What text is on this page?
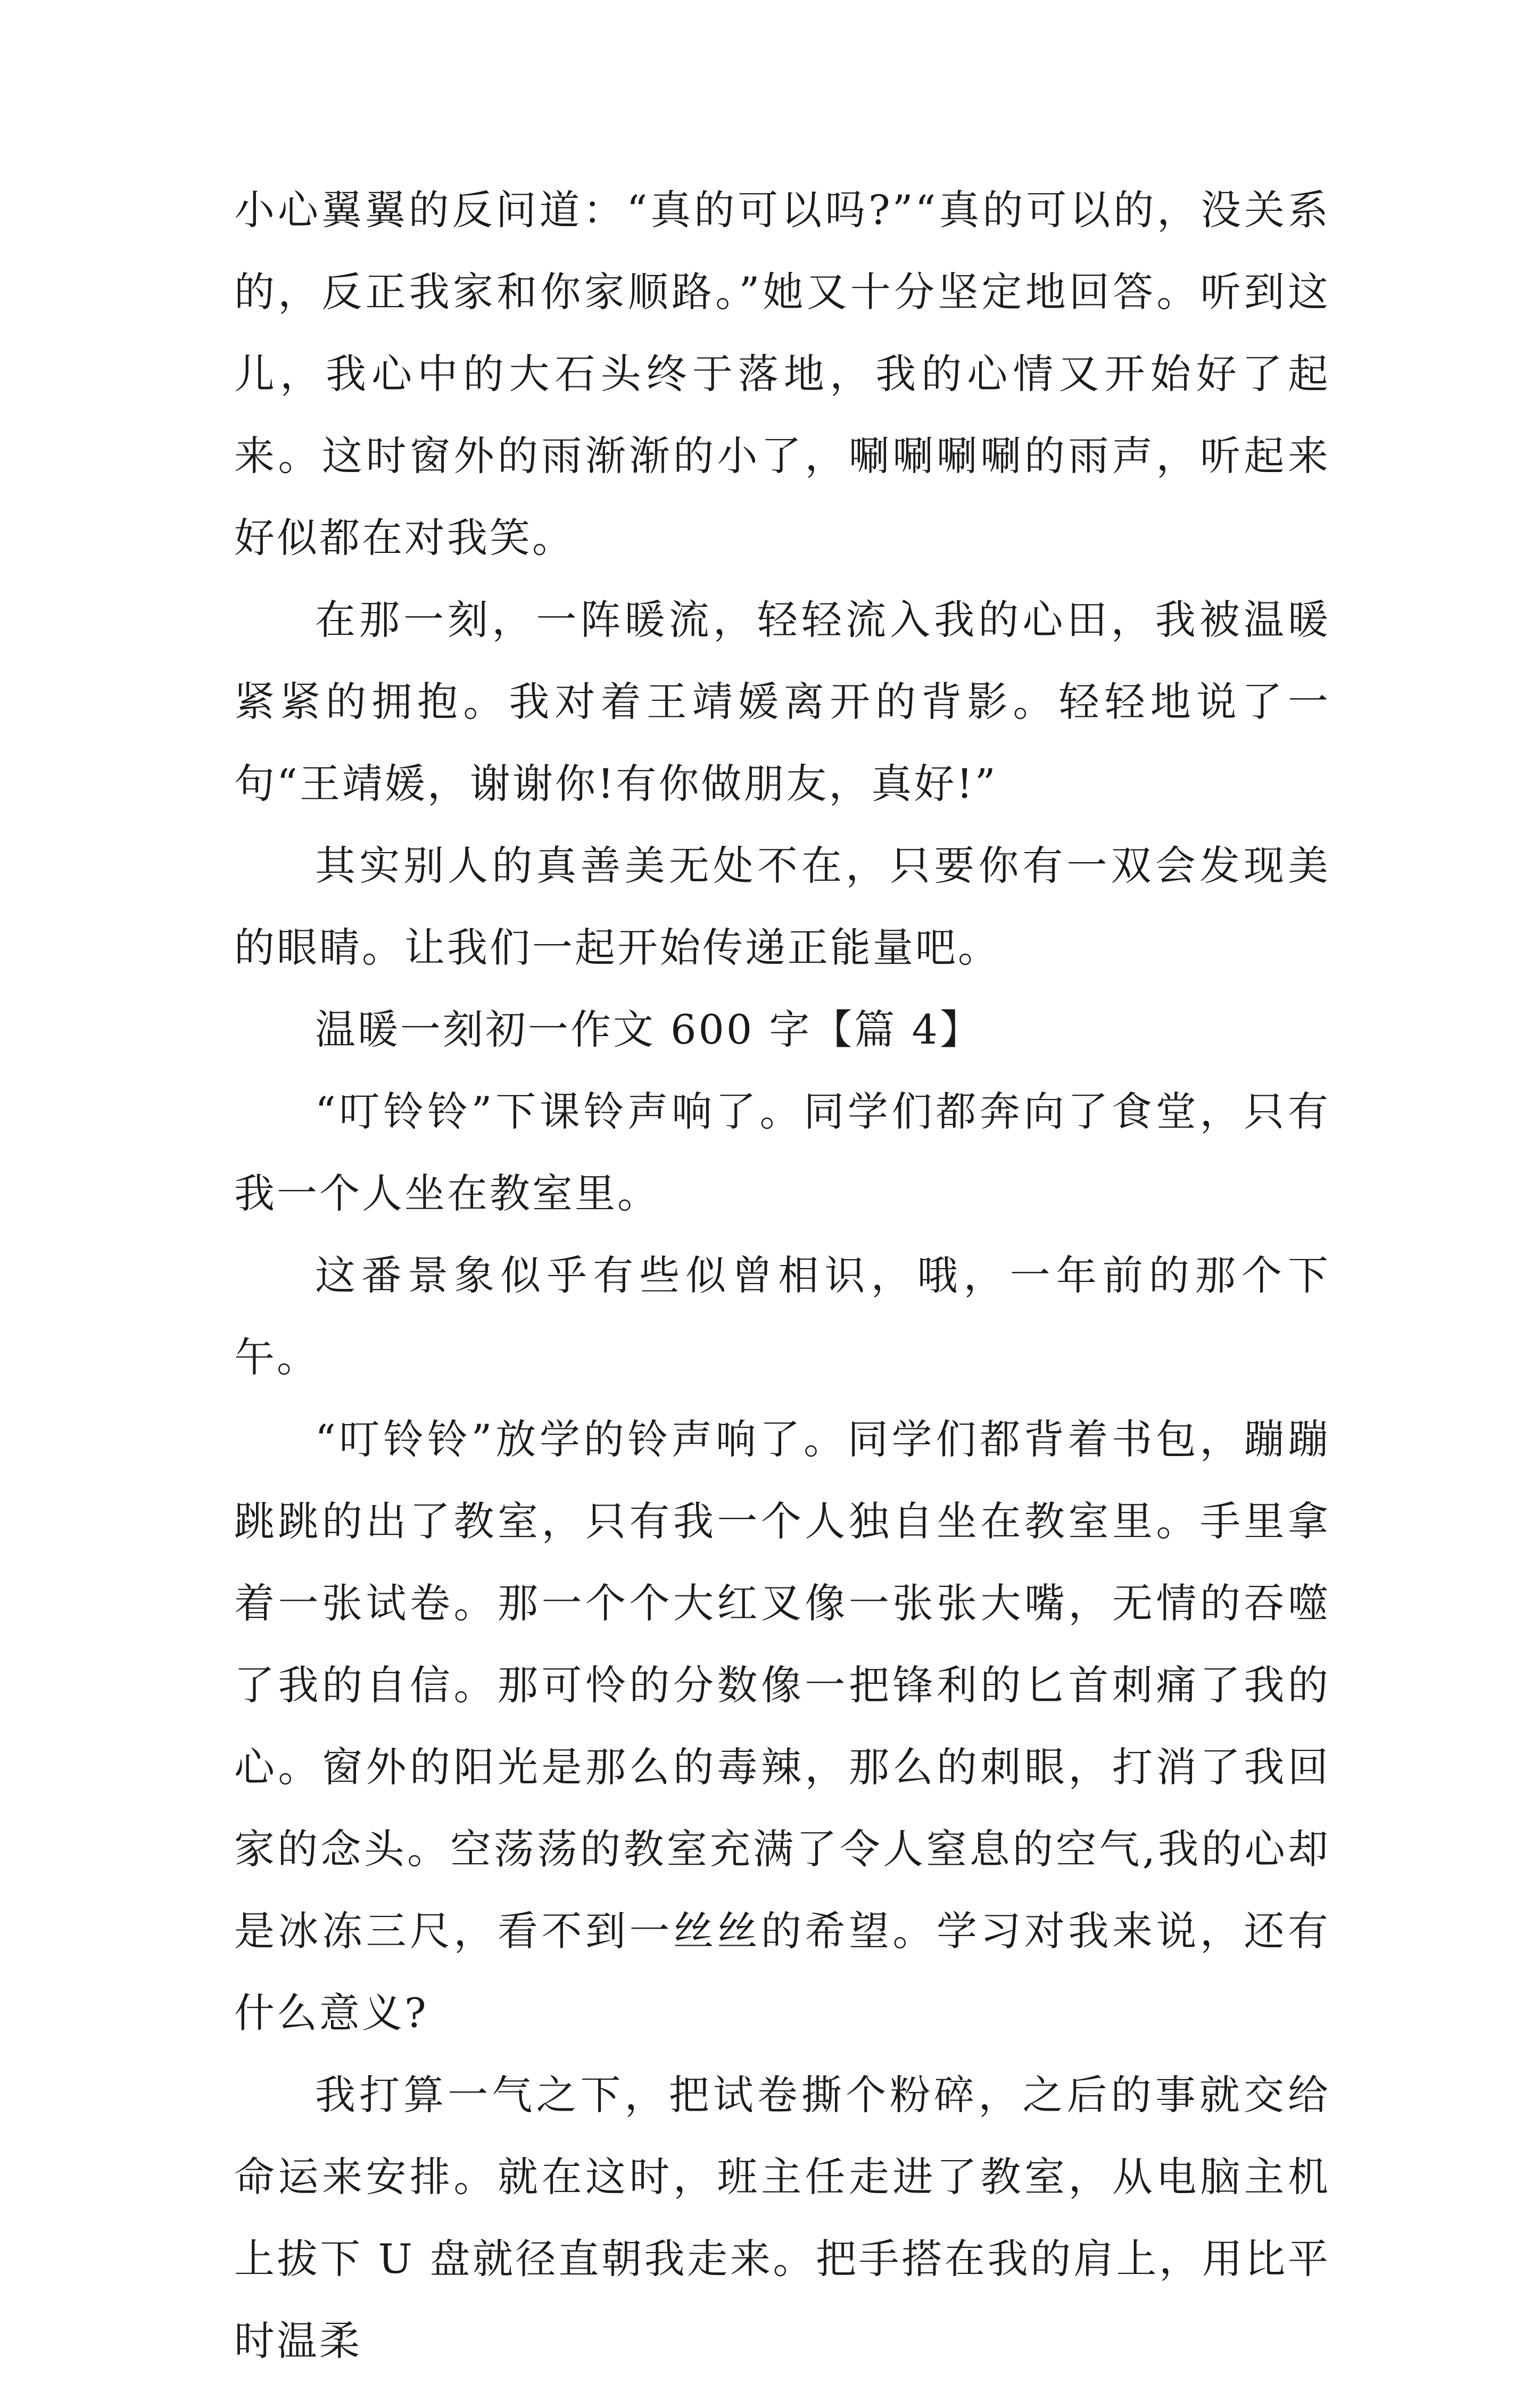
小心翼翼的反问道：“真的可以吗?”“真的可以的，没关系的，反正我家和你家顺路。”她又十分坚定地回答。听到这儿，我心中的大石头终于落地，我的心情又开始好了起来。这时窗外的雨渐渐的小了，唰唰唰唰的雨声，听起来好似都在对我笑。

在那一刻，一阵暖流，轻轻流入我的心田，我被温暖紧紧的拥抱。我对着王靖媛离开的背影。轻轻地说了一句“王靖媛，谢谢你!有你做朋友，真好!”

其实别人的真善美无处不在，只要你有一双会发现美的眼睛。让我们一起开始传递正能量吧。

温暖一刻初一作文 600 字【篇 4】

“叮铃铃”下课铃声响了。同学们都奔向了食堂，只有我一个人坐在教室里。

这番景象似乎有些似曾相识，哦，一年前的那个下午。

“叮铃铃”放学的铃声响了。同学们都背着书包，蹦蹦跳跳的出了教室，只有我一个人独自坐在教室里。手里拿着一张试卷。那一个个大红叉像一张张大嘴，无情的吞噬了我的自信。那可怜的分数像一把锋利的匕首刺痛了我的心。窗外的阳光是那么的毒辣，那么的刺眼，打消了我回家的念头。空荡荡的教室充满了令人窒息的空气,我的心却是冰冻三尺，看不到一丝丝的希望。学习对我来说，还有什么意义?

我打算一气之下，把试卷撕个粉碎，之后的事就交给命运来安排。就在这时，班主任走进了教室，从电脑主机上拔下 U 盘就径直朝我走来。把手搭在我的肩上，用比平时温柔
